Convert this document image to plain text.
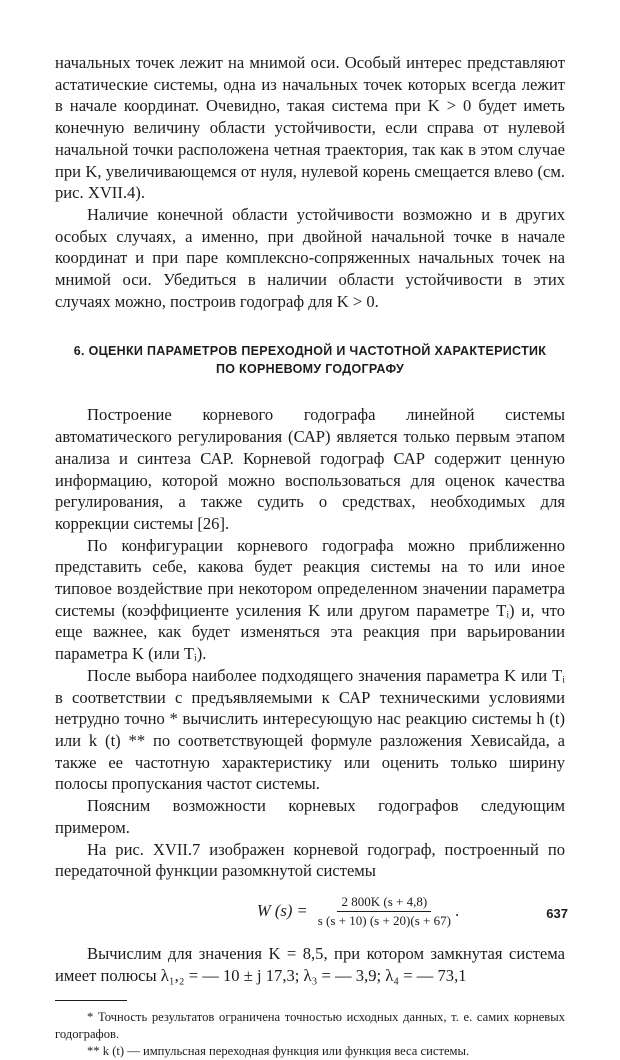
начальных точек лежит на мнимой оси. Особый интерес представляют астатические системы, одна из начальных точек которых всегда лежит в начале координат. Очевидно, такая система при K > 0 будет иметь конечную величину области устойчивости, если справа от нулевой начальной точки расположена четная траектория, так как в этом случае при K, увеличивающемся от нуля, нулевой корень смещается влево (см. рис. XVII.4).

Наличие конечной области устойчивости возможно и в других особых случаях, а именно, при двойной начальной точке в начале координат и при паре комплексно-сопряженных начальных точек на мнимой оси. Убедиться в наличии области устойчивости в этих случаях можно, построив годограф для K > 0.

6. ОЦЕНКИ ПАРАМЕТРОВ ПЕРЕХОДНОЙ И ЧАСТОТНОЙ ХАРАКТЕРИСТИК
ПО КОРНЕВОМУ ГОДОГРАФУ

Построение корневого годографа линейной системы автоматического регулирования (САР) является только первым этапом анализа и синтеза САР. Корневой годограф САР содержит ценную информацию, которой можно воспользоваться для оценок качества регулирования, а также судить о средствах, необходимых для коррекции системы [26].

По конфигурации корневого годографа можно приближенно представить себе, какова будет реакция системы на то или иное типовое воздействие при некотором определенном значении параметра системы (коэффициенте усиления K или другом параметре Tᵢ) и, что еще важнее, как будет изменяться эта реакция при варьировании параметра K (или Tᵢ).

После выбора наиболее подходящего значения параметра K или Tᵢ в соответствии с предъявляемыми к САР техническими условиями нетрудно точно * вычислить интересующую нас реакцию системы h (t) или k (t) ** по соответствующей формуле разложения Хевисайда, а также ее частотную характеристику или оценить только ширину полосы пропускания частот системы.

Поясним возможности корневых годографов следующим примером.

На рис. XVII.7 изображен корневой годограф, построенный по передаточной функции разомкнутой системы

W $(s) = \frac{2 800K (s + 4,8)}{s (s + 10) (s + 20)(s + 67)}$ .

Вычислим для значения K = 8,5, при котором замкнутая система имеет полюсы λ₁,₂ = — 10 ± j 17,3; λ₃ = — 3,9; λ₄ = — 73,1

* Точность результатов ограничена точностью исходных данных, т. е. самих корневых годографов.

** k (t) — импульсная переходная функция или функция веса системы.

637
